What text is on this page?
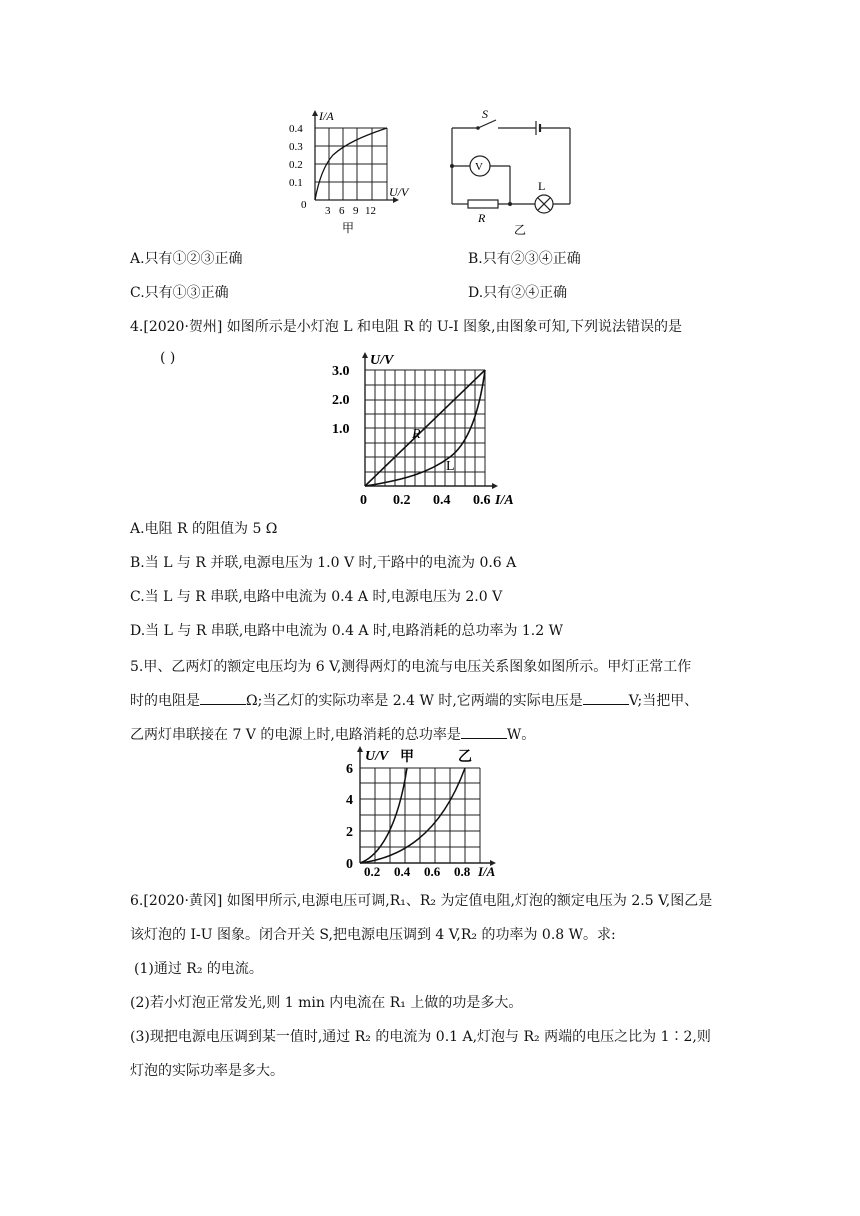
I/A
U/V
0.4
0.3
0.2
0.1
0 3 6 9 12
甲
S
V
R
L
乙
A.只有①②③正确	B.只有②③④正确
C.只有①③正确	D.只有②④正确
4.[2020·贺州] 如图所示是小灯泡 L 和电阻 R 的 U-I 图象,由图象可知,下列说法错误的是
( )	U/V
3.0
2.0
1.0
0 0.2 0.4 0.6 I/A
R
L
A.电阻 R 的阻值为 5 Ω
B.当 L 与 R 并联,电源电压为 1.0 V 时,干路中的电流为 0.6 A
C.当 L 与 R 串联,电路中电流为 0.4 A 时,电源电压为 2.0 V
D.当 L 与 R 串联,电路中电流为 0.4 A 时,电路消耗的总功率为 1.2 W
5.甲、乙两灯的额定电压均为 6 V,测得两灯的电流与电压关系图象如图所示。甲灯正常工作
时的电阻是	Ω;当乙灯的实际功率是 2.4 W 时,它两端的实际电压是	V;当把甲、
乙两灯串联接在 7 V 的电源上时,电路消耗的总功率是	W。
U/V 甲	乙
6
4
2
0 0.2 0.4 0.6 0.8 I/A
6.[2020·黄冈] 如图甲所示,电源电压可调,R₁、R₂ 为定值电阻,灯泡的额定电压为 2.5 V,图乙是
该灯泡的 I-U 图象。闭合开关 S,把电源电压调到 4 V,R₂ 的功率为 0.8 W。求:
(1)通过 R₂ 的电流。
(2)若小灯泡正常发光,则 1 min 内电流在 R₁ 上做的功是多大。
(3)现把电源电压调到某一值时,通过 R₂ 的电流为 0.1 A,灯泡与 R₂ 两端的电压之比为 1∶2,则
灯泡的实际功率是多大。
